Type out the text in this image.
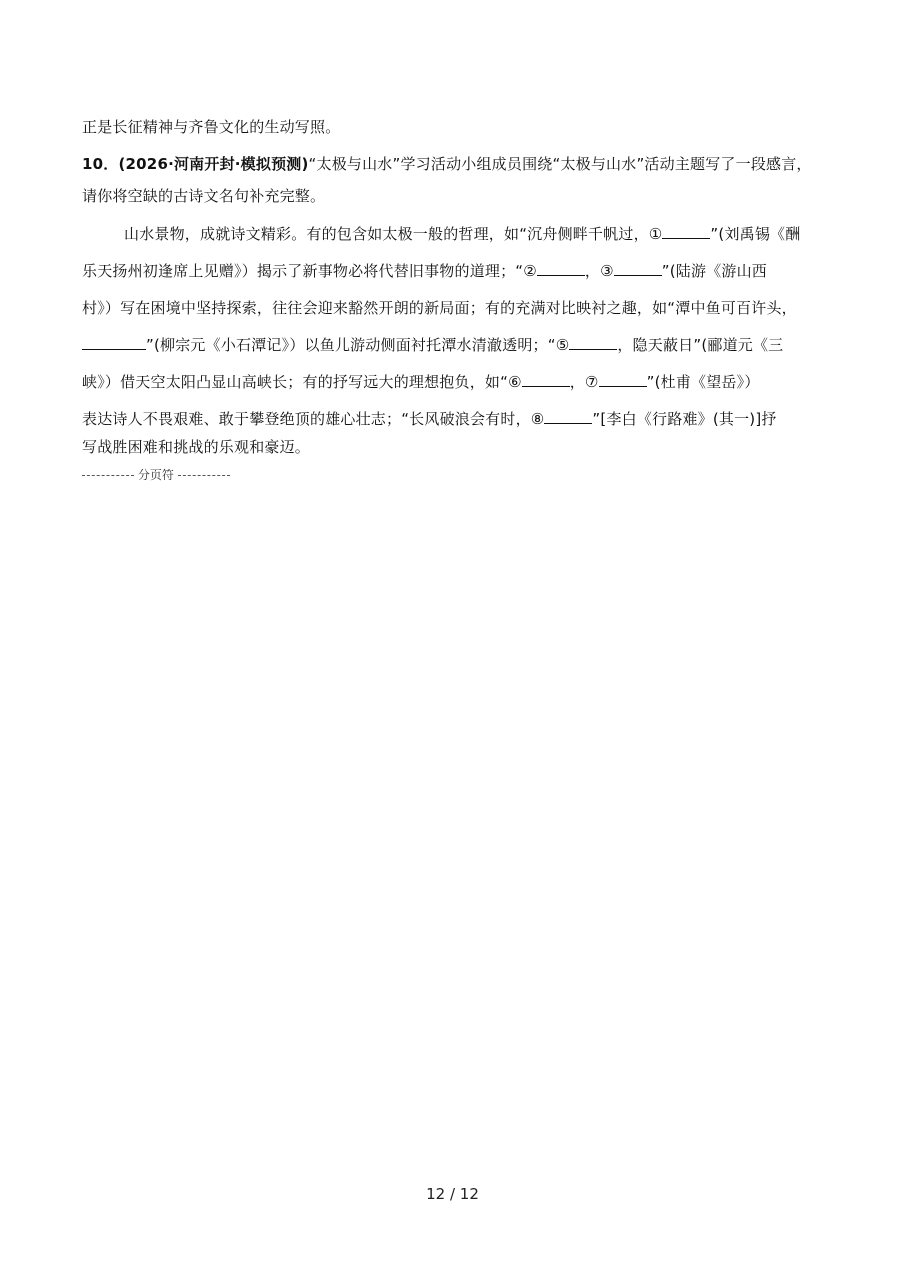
正是长征精神与齐鲁文化的生动写照。
10．(2026·河南开封·模拟预测)“太极与山水”学习活动小组成员围绕“太极与山水”活动主题写了一段感言，
请你将空缺的古诗文名句补充完整。
山水景物，成就诗文精彩。有的包含如太极一般的哲理，如“沉舟侧畔千帆过，①	”(刘禹锡《酬
乐天扬州初逢席上见赠》）揭示了新事物必将代替旧事物的道理；“②	，③	”(陆游《游山西
村》）写在困境中坚持探索，往往会迎来豁然开朗的新局面；有的充满对比映衬之趣，如“潭中鱼可百许头，
”(柳宗元《小石潭记》）以鱼儿游动侧面衬托潭水清澈透明；“⑤	，隐天蔽日”(郦道元《三
峡》）借天空太阳凸显山高峡长；有的抒写远大的理想抱负，如“⑥	，⑦	”(杜甫《望岳》）
表达诗人不畏艰难、敢于攀登绝顶的雄心壮志；“长风破浪会有时，⑧	”[李白《行路难》(其一)]抒
写战胜困难和挑战的乐观和豪迈。
分页符
12 / 12
